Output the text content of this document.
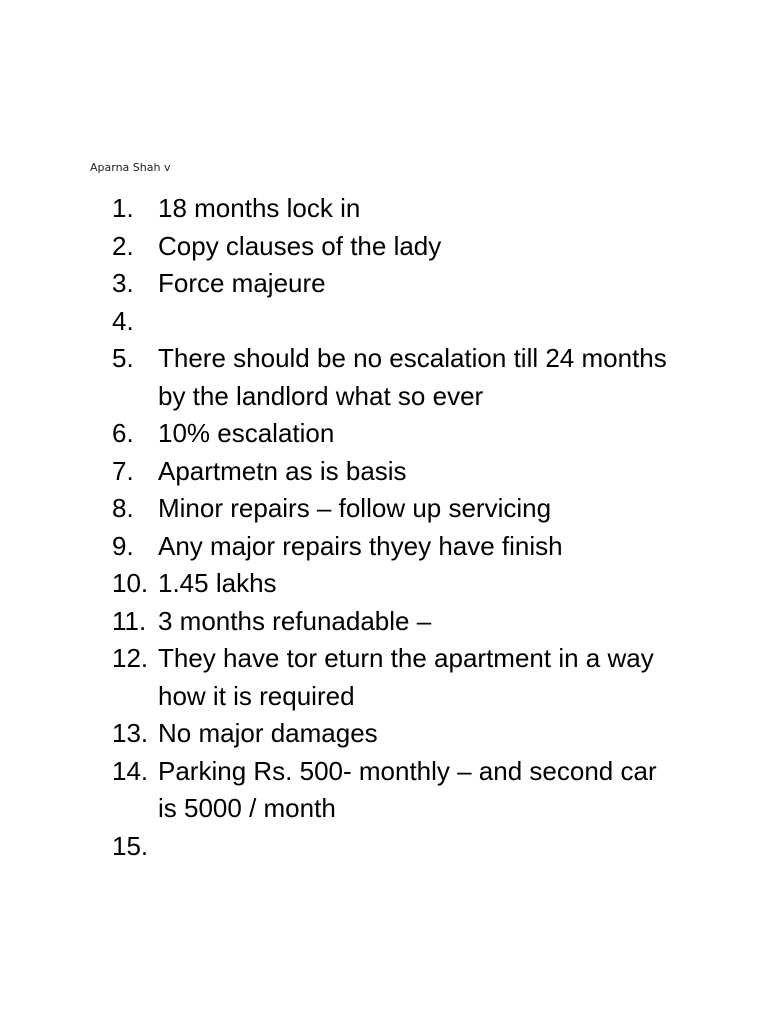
Aparna Shah v
1. 18 months lock in
2. Copy clauses of the lady
3. Force majeure
4.
5. There should be no escalation till 24 months by the landlord what so ever
6. 10% escalation
7. Apartmetn as is basis
8. Minor repairs – follow up servicing
9. Any major repairs thyey have finish
10. 1.45 lakhs
11. 3 months refunadable –
12. They have tor eturn the apartment in a way how it is required
13. No major damages
14. Parking Rs. 500- monthly – and second car is 5000 / month
15.
